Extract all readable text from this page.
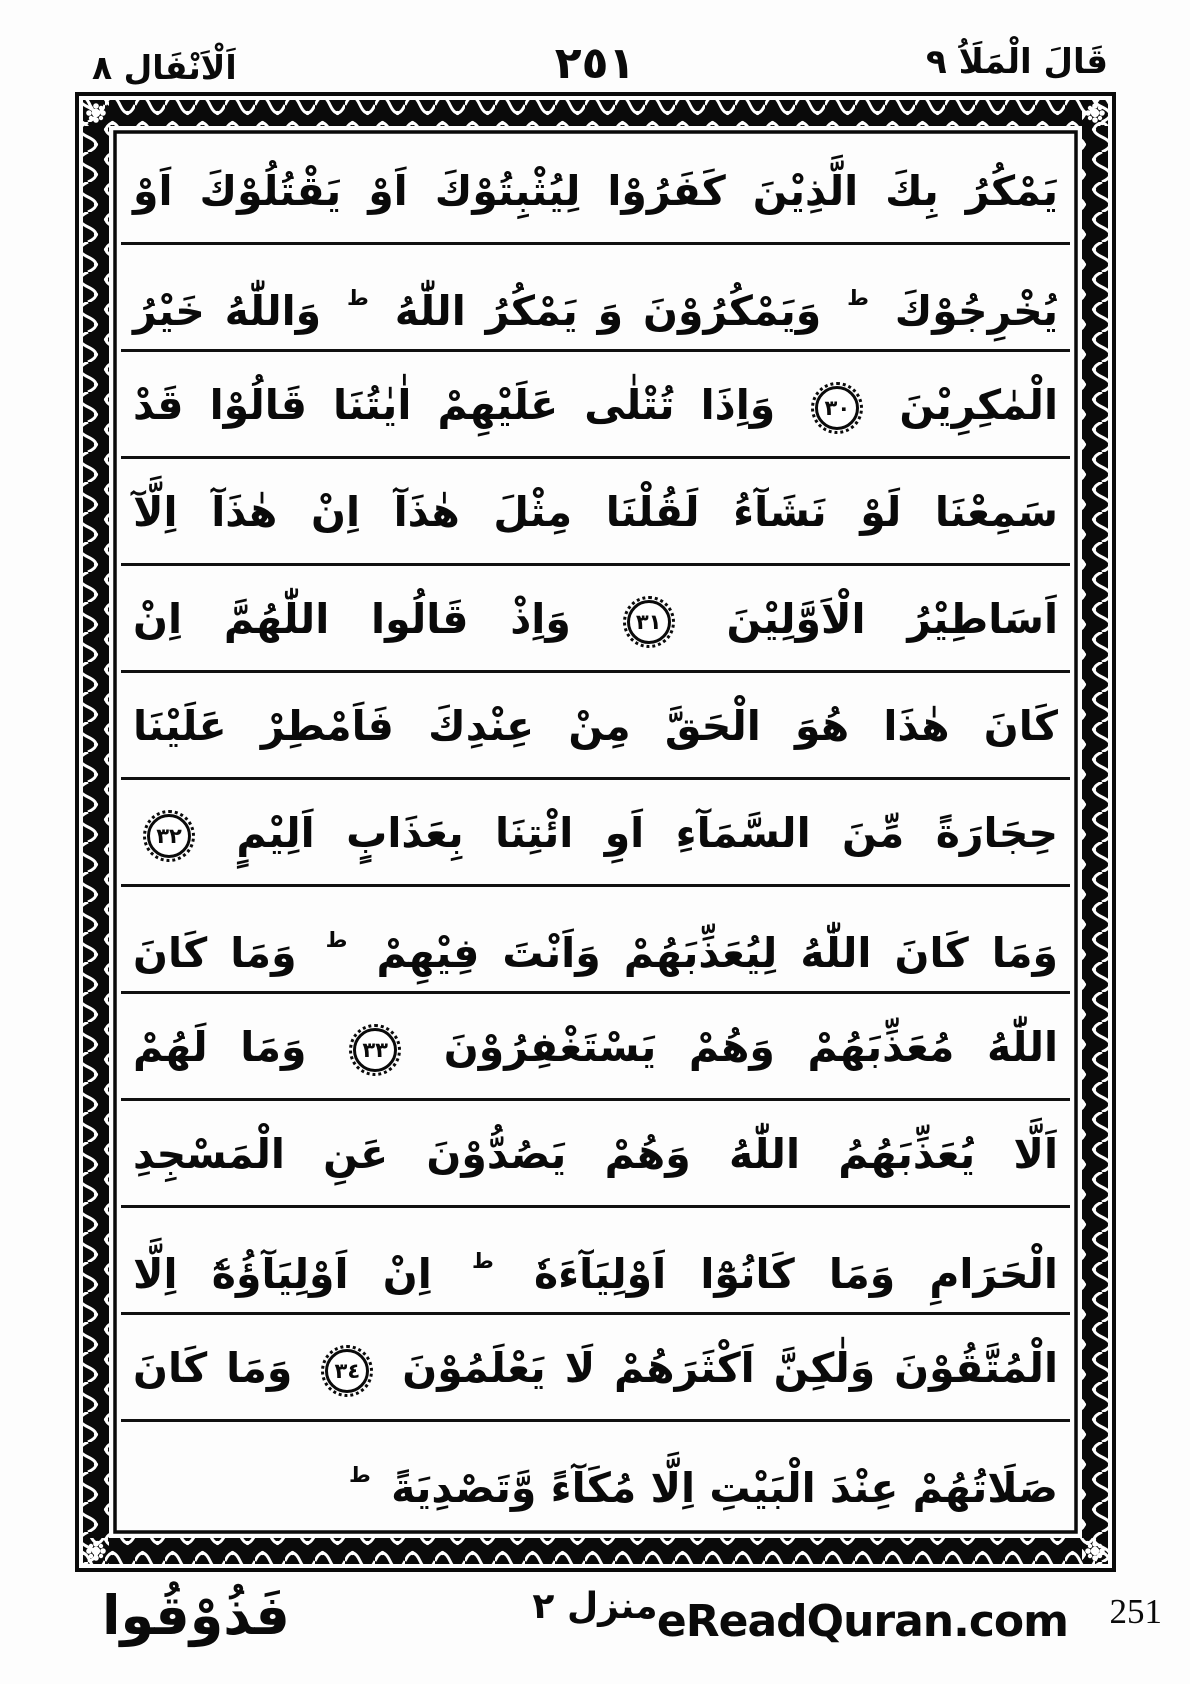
اَلْاَنْفَال ٨	٢٥١	قَالَ الْمَلَاُ ٩
يَمْكُرُ بِكَ الَّذِيْنَ كَفَرُوْا لِيُثْبِتُوْكَ اَوْ يَقْتُلُوْكَ اَوْ
يُخْرِجُوْكَ $^ط$ وَيَمْكُرُوْنَ وَ يَمْكُرُ اللّٰهُ $^ط$ وَاللّٰهُ خَيْرُ
الْمٰكِرِيْنَ
٣٠
وَاِذَا تُتْلٰى عَلَيْهِمْ اٰيٰتُنَا قَالُوْا قَدْ
سَمِعْنَا لَوْ نَشَآءُ لَقُلْنَا مِثْلَ هٰذَآ اِنْ هٰذَآ اِلَّآ
اَسَاطِيْرُ الْاَوَّلِيْنَ
٣١
وَاِذْ قَالُوا اللّٰهُمَّ اِنْ
كَانَ هٰذَا هُوَ الْحَقَّ مِنْ عِنْدِكَ فَاَمْطِرْ عَلَيْنَا
حِجَارَةً مِّنَ السَّمَآءِ اَوِ ائْتِنَا بِعَذَابٍ اَلِيْمٍ
٣٢
وَمَا كَانَ اللّٰهُ لِيُعَذِّبَهُمْ وَاَنْتَ فِيْهِمْ $^ط$ وَمَا كَانَ
اللّٰهُ مُعَذِّبَهُمْ وَهُمْ يَسْتَغْفِرُوْنَ
٣٣
وَمَا لَهُمْ
اَلَّا يُعَذِّبَهُمُ اللّٰهُ وَهُمْ يَصُدُّوْنَ عَنِ الْمَسْجِدِ
الْحَرَامِ وَمَا كَانُوْٓا اَوْلِيَآءَهٗ $^ط$ اِنْ اَوْلِيَآؤُهٗٓ اِلَّا
الْمُتَّقُوْنَ وَلٰكِنَّ اَكْثَرَهُمْ لَا يَعْلَمُوْنَ
٣٤
وَمَا كَانَ
صَلَاتُهُمْ عِنْدَ الْبَيْتِ اِلَّا مُكَآءً وَّتَصْدِيَةً $^ط$
فَذُوْقُوا	منزل ٢ eReadQuran.com 251
